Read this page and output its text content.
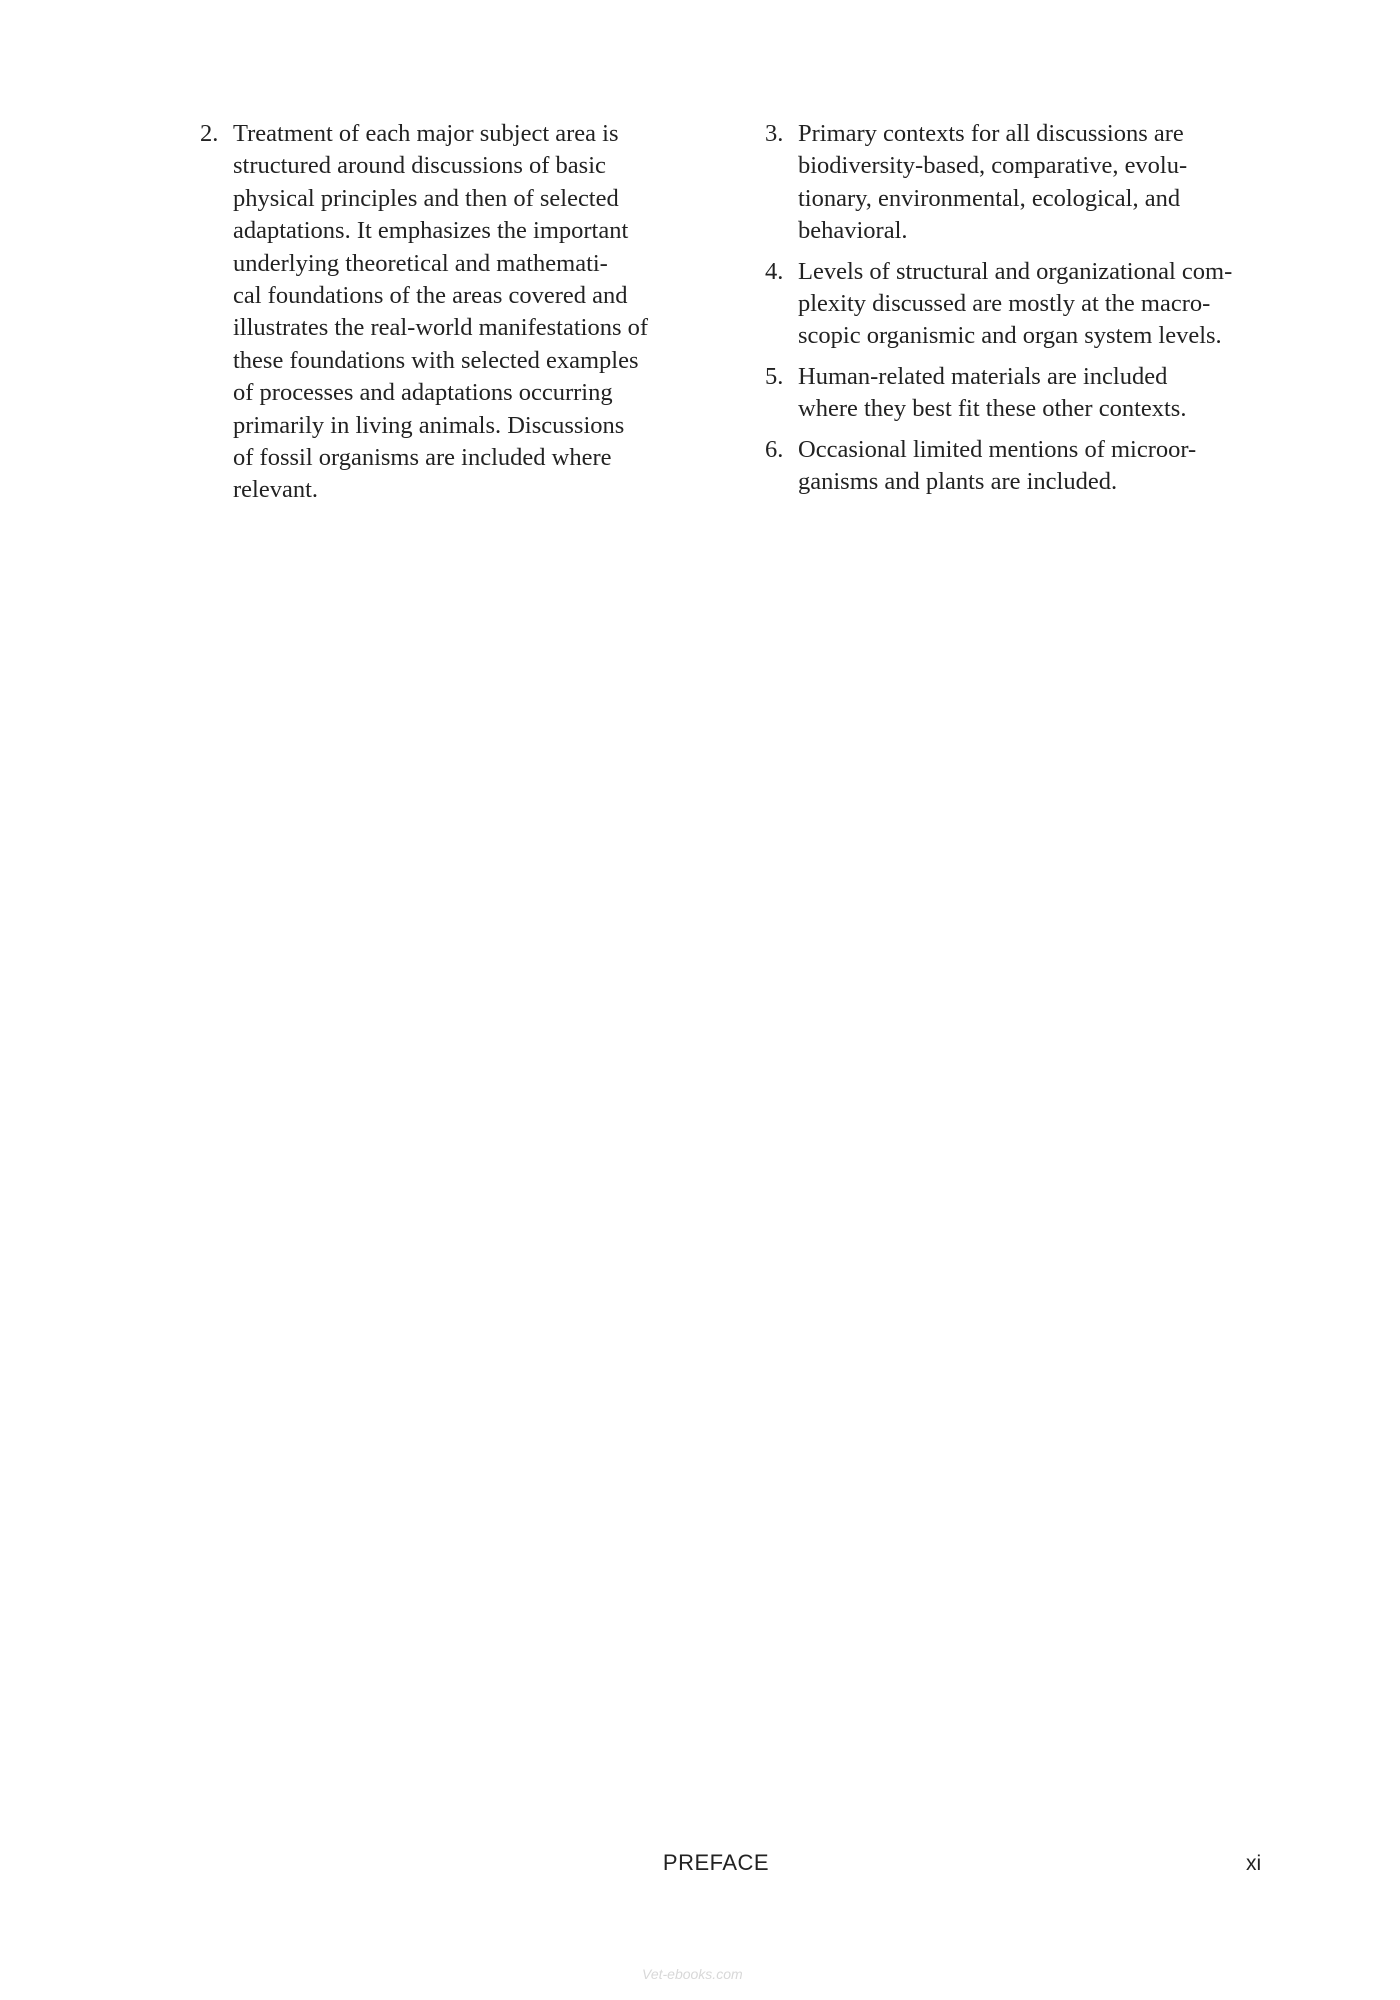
2. Treatment of each major subject area is
structured around discussions of basic
physical principles and then of selected
adaptations. It emphasizes the important
underlying theoretical and mathemati-
cal foundations of the areas covered and
illustrates the real-world manifestations of
these foundations with selected examples
of processes and adaptations occurring
primarily in living animals. Discussions
of fossil organisms are included where
relevant.
3. Primary contexts for all discussions are
biodiversity-based, comparative, evolu-
tionary, environmental, ecological, and
behavioral.
4. Levels of structural and organizational com-
plexity discussed are mostly at the macro-
scopic organismic and organ system levels.
5. Human-related materials are included
where they best fit these other contexts.
6. Occasional limited mentions of microor-
ganisms and plants are included.
PREFACE	xi
Vet-ebooks.com
